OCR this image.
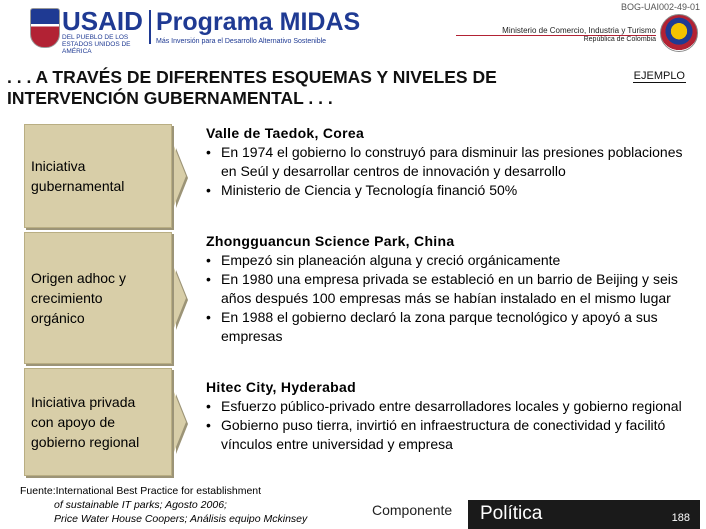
BOG-UAI002-49-01
USAID
DEL PUEBLO DE LOS ESTADOS UNIDOS DE AMÉRICA
Programa MIDAS
Más Inversión para el Desarrollo Alternativo Sostenible
Ministerio de Comercio, Industria y Turismo
República de Colombia
. . . A TRAVÉS DE DIFERENTES ESQUEMAS Y NIVELES DE
INTERVENCIÓN GUBERNAMENTAL . . .
EJEMPLO
Iniciativa
gubernamental
Valle de Taedok, Corea
• En 1974 el gobierno lo construyó para disminuir las presiones poblaciones en Seúl y desarrollar centros de innovación y desarrollo
• Ministerio de Ciencia y Tecnología financió 50%
Origen adhoc y
crecimiento
orgánico
Zhongguancun Science Park, China
• Empezó sin planeación alguna y creció orgánicamente
• En 1980 una empresa privada se estableció en un barrio de Beijing y seis años después 100 empresas más se habían instalado en el mismo lugar
• En 1988 el gobierno declaró la zona parque tecnológico y apoyó a sus empresas
Iniciativa privada
con apoyo de
gobierno regional
Hitec City, Hyderabad
• Esfuerzo público-privado entre desarrolladores locales y gobierno regional
• Gobierno puso tierra, invirtió en infraestructura de conectividad y facilitó vínculos entre universidad y empresa
Fuente:International Best Practice for establishment
of sustainable IT parks; Agosto 2006;
Price Water House Coopers; Análisis equipo Mckinsey
Componente Política	188
